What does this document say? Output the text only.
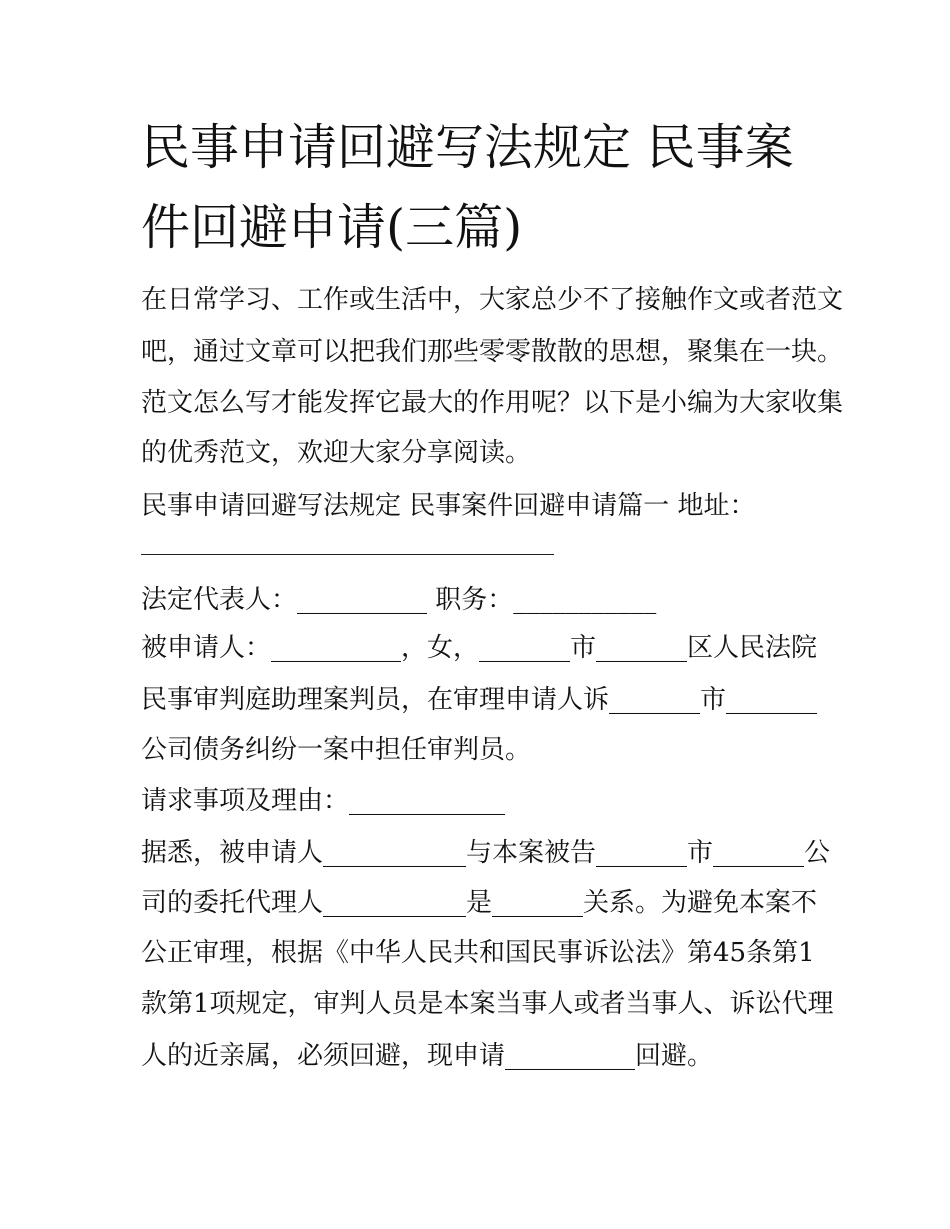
民事申请回避写法规定 民事案
件回避申请(三篇)
在日常学习、工作或生活中，大家总少不了接触作文或者范文
吧，通过文章可以把我们那些零零散散的思想，聚集在一块。
范文怎么写才能发挥它最大的作用呢？以下是小编为大家收集
的优秀范文，欢迎大家分享阅读。
民事申请回避写法规定 民事案件回避申请篇一 地址：
法定代表人：__________ 职务：___________
被申请人：__________，女，_______市_______区人民法院
民事审判庭助理案判员，在审理申请人诉_______市_______
公司债务纠纷一案中担任审判员。
请求事项及理由：____________
据悉，被申请人___________与本案被告_______市_______公
司的委托代理人___________是_______关系。为避免本案不
公正审理，根据《中华人民共和国民事诉讼法》第45条第1
款第1项规定，审判人员是本案当事人或者当事人、诉讼代理
人的近亲属，必须回避，现申请__________回避。
